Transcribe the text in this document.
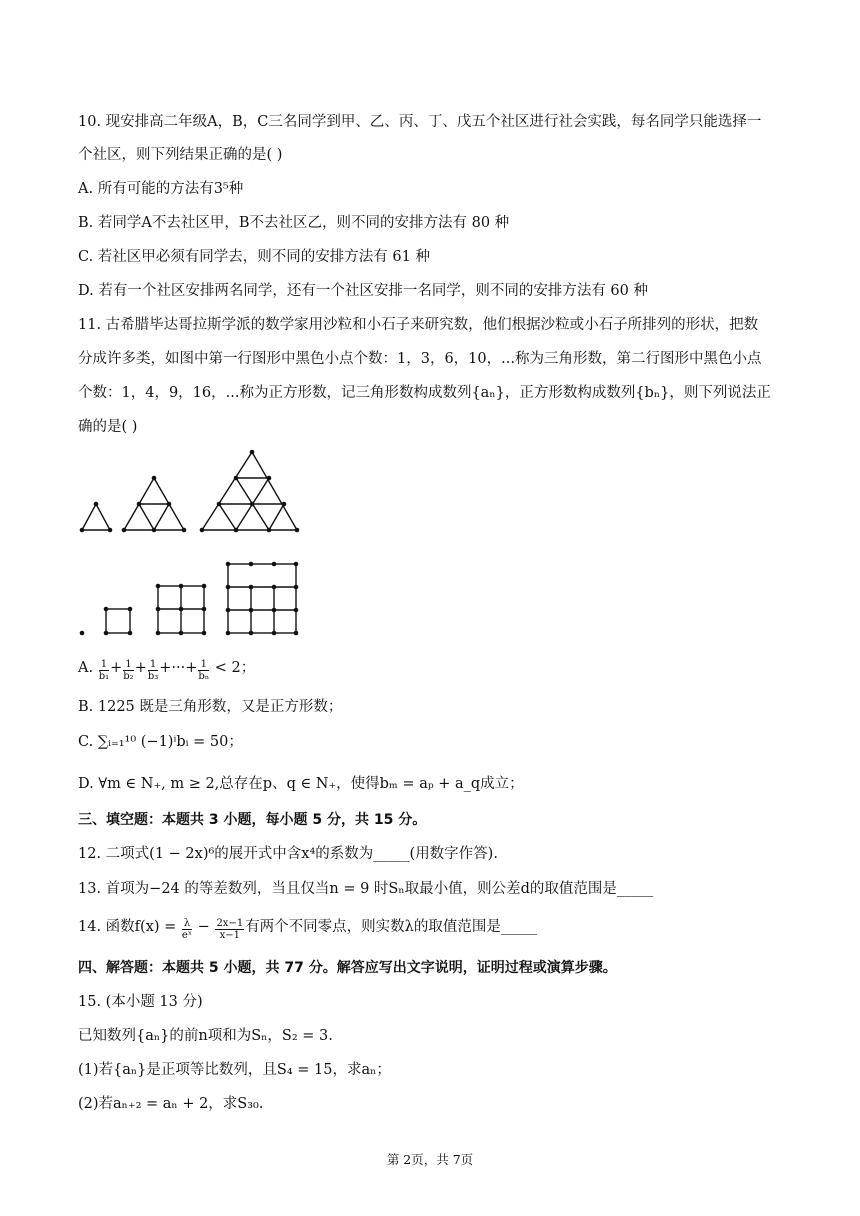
10. 现安排高二年级A，B，C三名同学到甲、乙、丙、丁、戊五个社区进行社会实践，每名同学只能选择一
个社区，则下列结果正确的是( )
A. 所有可能的方法有3⁵种
B. 若同学A不去社区甲，B不去社区乙，则不同的安排方法有 80 种
C. 若社区甲必须有同学去，则不同的安排方法有 61 种
D. 若有一个社区安排两名同学，还有一个社区安排一名同学，则不同的安排方法有 60 种
11. 古希腊毕达哥拉斯学派的数学家用沙粒和小石子来研究数，他们根据沙粒或小石子所排列的形状，把数
分成许多类，如图中第一行图形中黑色小点个数：1，3，6，10，...称为三角形数，第二行图形中黑色小点
个数：1，4，9，16，...称为正方形数，记三角形数构成数列{aₙ}，正方形数构成数列{bₙ}，则下列说法正
确的是( )
A. $\frac{1}{\text{b₁}} + \frac{1}{\text{b₂}} + \frac{1}{\text{b₃}}$ +···+ $\frac{1}{\text{bₙ}} < 2$；
B. 1225 既是三角形数，又是正方形数；
C. ∑ᵢ₌₁¹⁰ (−1)ⁱbᵢ = 50；
D. ∀m ∈ N₊, m ≥ 2,总存在p、q ∈ N₊，使得bₘ = aₚ + a_q成立；
三、填空题：本题共 3 小题，每小题 5 分，共 15 分。
12. 二项式(1 − 2x)⁶的展开式中含x⁴的系数为_____(用数字作答).
13. 首项为−24 的等差数列，当且仅当n = 9 时Sₙ取最小值，则公差d的取值范围是_____
14. 函数$f(x) = \frac{\lambda}{\text{eˣ}} - \frac{2x-1}{x-1}$ 有两个不同零点，则实数λ的取值范围是_____
四、解答题：本题共 5 小题，共 77 分。解答应写出文字说明，证明过程或演算步骤。
15. (本小题 13 分)
已知数列{aₙ}的前n项和为Sₙ，S₂ = 3.
(1)若{aₙ}是正项等比数列，且S₄ = 15，求aₙ；
(2)若aₙ₊₂ = aₙ + 2，求S₃₀.
第 2页，共 7页
